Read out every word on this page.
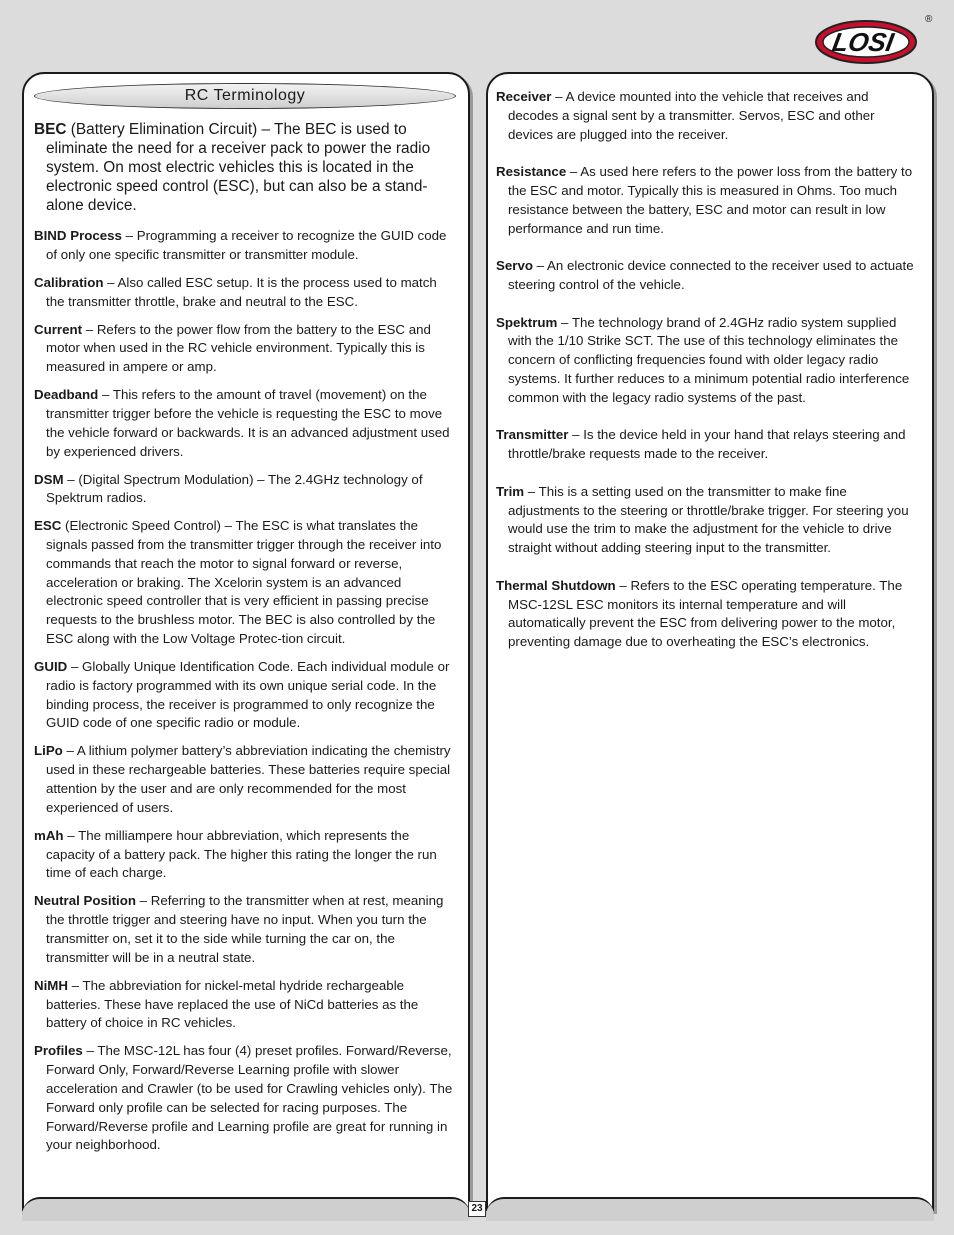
LOSI
®
RC Terminology

BEC (Battery Elimination Circuit) – The BEC is used to eliminate the need for a receiver pack to power the radio system. On most electric vehicles this is located in the electronic speed control (ESC), but can also be a stand-alone device.

BIND Process – Programming a receiver to recognize the GUID code of only one specific transmitter or transmitter module.

Calibration – Also called ESC setup. It is the process used to match the transmitter throttle, brake and neutral to the ESC.

Current – Refers to the power flow from the battery to the ESC and motor when used in the RC vehicle environment. Typically this is measured in ampere or amp.

Deadband – This refers to the amount of travel (movement) on the transmitter trigger before the vehicle is requesting the ESC to move the vehicle forward or backwards. It is an advanced adjustment used by experienced drivers.

DSM – (Digital Spectrum Modulation) – The 2.4GHz technology of Spektrum radios.

ESC (Electronic Speed Control) – The ESC is what translates the signals passed from the transmitter trigger through the receiver into commands that reach the motor to signal forward or reverse, acceleration or braking. The Xcelorin system is an advanced electronic speed controller that is very efficient in passing precise requests to the brushless motor. The BEC is also controlled by the ESC along with the Low Voltage Protec-tion circuit.

GUID – Globally Unique Identification Code. Each individual module or radio is factory programmed with its own unique serial code. In the binding process, the receiver is programmed to only recognize the GUID code of one specific radio or module.

LiPo – A lithium polymer battery’s abbreviation indicating the chemistry used in these rechargeable batteries. These batteries require special attention by the user and are only recommended for the most experienced of users.

mAh – The milliampere hour abbreviation, which represents the capacity of a battery pack. The higher this rating the longer the run time of each charge.

Neutral Position – Referring to the transmitter when at rest, meaning the throttle trigger and steering have no input. When you turn the transmitter on, set it to the side while turning the car on, the transmitter will be in a neutral state.

NiMH – The abbreviation for nickel-metal hydride rechargeable batteries. These have replaced the use of NiCd batteries as the battery of choice in RC vehicles.

Profiles – The MSC-12L has four (4) preset profiles. Forward/Reverse, Forward Only, Forward/Reverse Learning profile with slower acceleration and Crawler (to be used for Crawling vehicles only). The Forward only profile can be selected for racing purposes. The Forward/Reverse profile and Learning profile are great for running in your neighborhood.

Receiver – A device mounted into the vehicle that receives and decodes a signal sent by a transmitter. Servos, ESC and other devices are plugged into the receiver.

Resistance – As used here refers to the power loss from the battery to the ESC and motor. Typically this is measured in Ohms. Too much resistance between the battery, ESC and motor can result in low performance and run time.

Servo – An electronic device connected to the receiver used to actuate steering control of the vehicle.

Spektrum – The technology brand of 2.4GHz radio system supplied with the 1/10 Strike SCT. The use of this technology eliminates the concern of conflicting frequencies found with older legacy radio systems. It further reduces to a minimum potential radio interference common with the legacy radio systems of the past.

Transmitter – Is the device held in your hand that relays steering and throttle/brake requests made to the receiver.

Trim – This is a setting used on the transmitter to make fine adjustments to the steering or throttle/brake trigger. For steering you would use the trim to make the adjustment for the vehicle to drive straight without adding steering input to the transmitter.

Thermal Shutdown – Refers to the ESC operating temperature. The MSC-12SL ESC monitors its internal temperature and will automatically prevent the ESC from delivering power to the motor, preventing damage due to overheating the ESC’s electronics.

23
